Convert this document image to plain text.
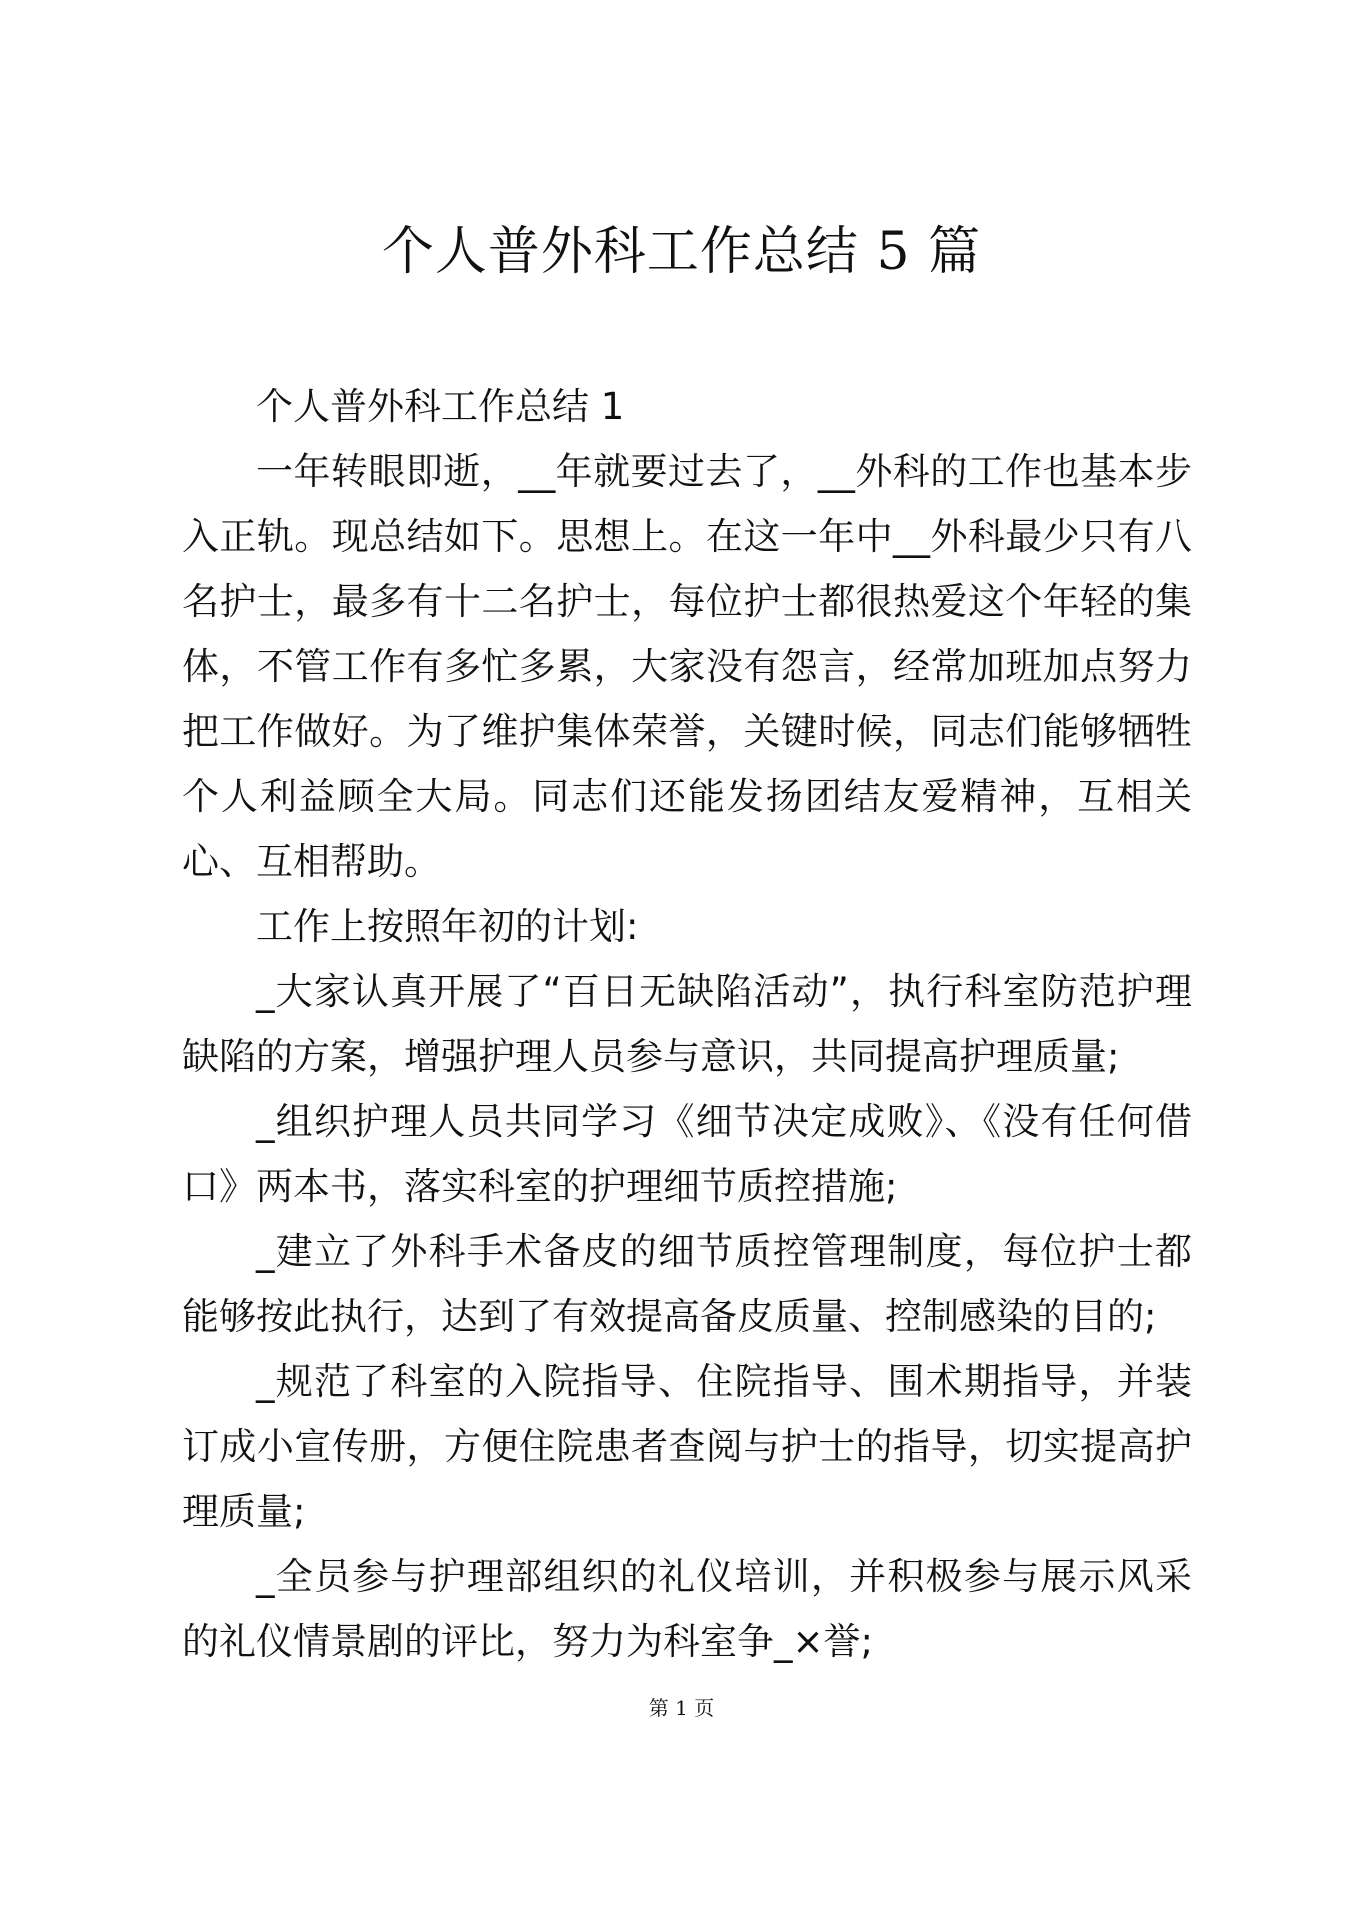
个人普外科工作总结 5 篇

个人普外科工作总结 1

一年转眼即逝，__年就要过去了，__外科的工作也基本步入正轨。现总结如下。思想上。在这一年中__外科最少只有八名护士，最多有十二名护士，每位护士都很热爱这个年轻的集体，不管工作有多忙多累，大家没有怨言，经常加班加点努力把工作做好。为了维护集体荣誉，关键时候，同志们能够牺牲个人利益顾全大局。同志们还能发扬团结友爱精神，互相关心、互相帮助。

工作上按照年初的计划:

_大家认真开展了“百日无缺陷活动”，执行科室防范护理缺陷的方案，增强护理人员参与意识，共同提高护理质量;

_组织护理人员共同学习《细节决定成败》、《没有任何借口》两本书，落实科室的护理细节质控措施;

_建立了外科手术备皮的细节质控管理制度，每位护士都能够按此执行，达到了有效提高备皮质量、控制感染的目的;

_规范了科室的入院指导、住院指导、围术期指导，并装订成小宣传册，方便住院患者查阅与护士的指导，切实提高护理质量;

_全员参与护理部组织的礼仪培训，并积极参与展示风采的礼仪情景剧的评比，努力为科室争_×誉;

第 1 页
